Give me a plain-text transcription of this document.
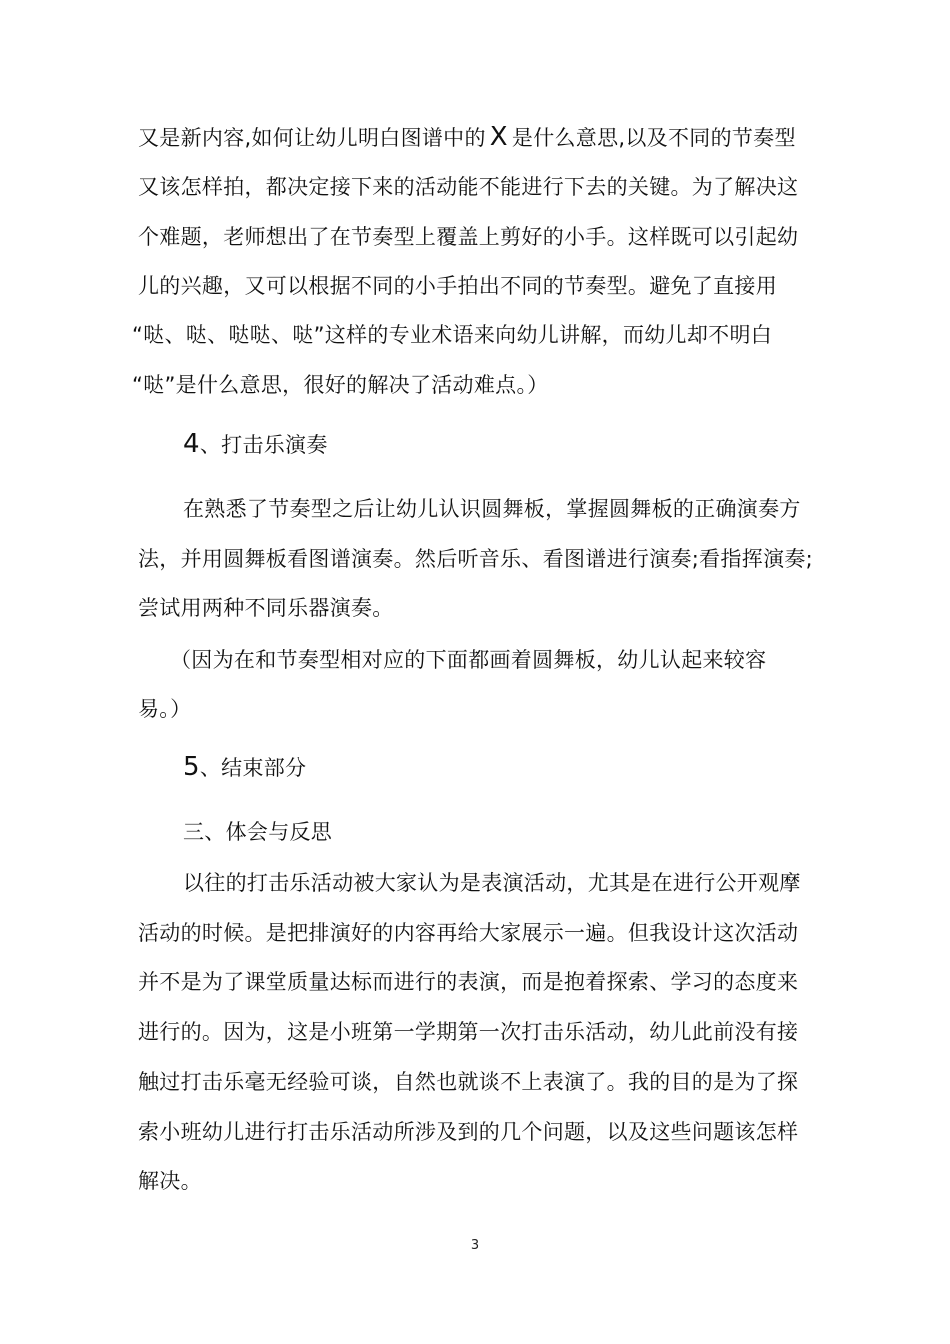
又是新内容,如何让幼儿明白图谱中的 X 是什么意思,以及不同的节奏型
又该怎样拍，都决定接下来的活动能不能进行下去的关键。为了解决这
个难题，老师想出了在节奏型上覆盖上剪好的小手。这样既可以引起幼
儿的兴趣，又可以根据不同的小手拍出不同的节奏型。避免了直接用
“哒、哒、哒哒、哒”这样的专业术语来向幼儿讲解，而幼儿却不明白
“哒”是什么意思，很好的解决了活动难点。）
4、打击乐演奏
在熟悉了节奏型之后让幼儿认识圆舞板，掌握圆舞板的正确演奏方
法，并用圆舞板看图谱演奏。然后听音乐、看图谱进行演奏;看指挥演奏;
尝试用两种不同乐器演奏。
（因为在和节奏型相对应的下面都画着圆舞板，幼儿认起来较容
易。）
5、结束部分
三、体会与反思
以往的打击乐活动被大家认为是表演活动，尤其是在进行公开观摩
活动的时候。是把排演好的内容再给大家展示一遍。但我设计这次活动
并不是为了课堂质量达标而进行的表演，而是抱着探索、学习的态度来
进行的。因为，这是小班第一学期第一次打击乐活动，幼儿此前没有接
触过打击乐毫无经验可谈，自然也就谈不上表演了。我的目的是为了探
索小班幼儿进行打击乐活动所涉及到的几个问题，以及这些问题该怎样
解决。
3
